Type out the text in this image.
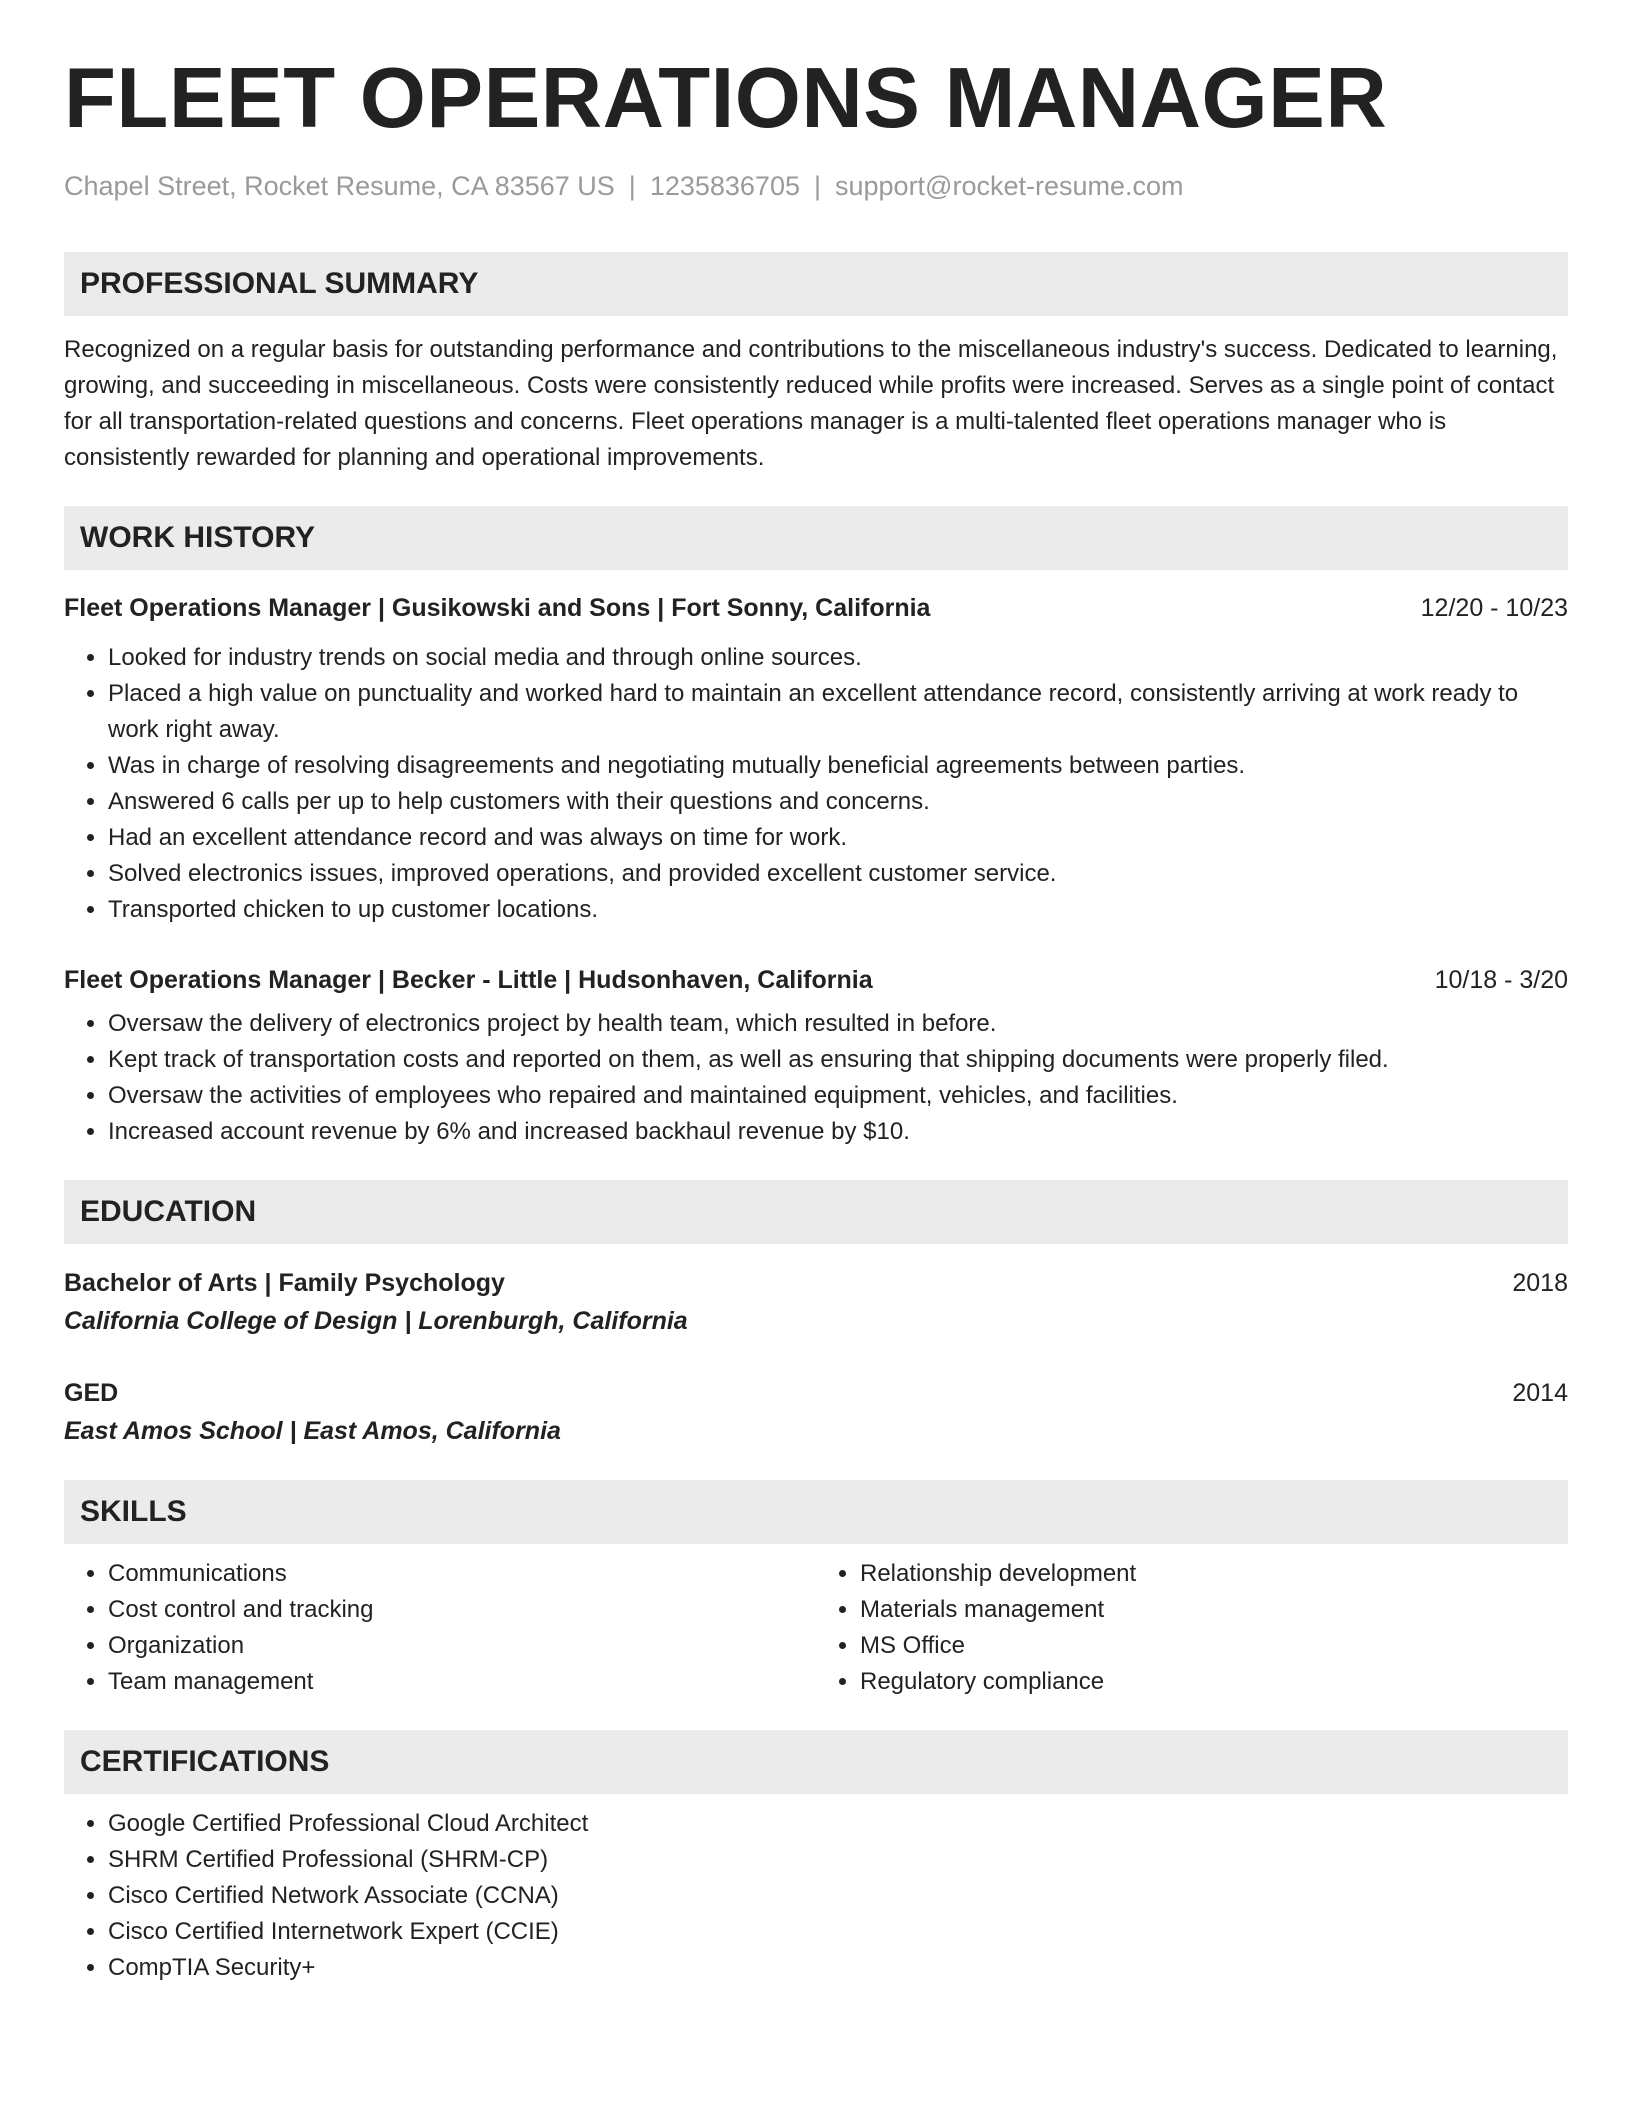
FLEET OPERATIONS MANAGER
Chapel Street, Rocket Resume, CA 83567 US | 1235836705 | support@rocket-resume.com
PROFESSIONAL SUMMARY

Recognized on a regular basis for outstanding performance and contributions to the miscellaneous industry's success. Dedicated to learning, growing, and succeeding in miscellaneous. Costs were consistently reduced while profits were increased. Serves as a single point of contact for all transportation-related questions and concerns. Fleet operations manager is a multi-talented fleet operations manager who is consistently rewarded for planning and operational improvements.

WORK HISTORY
Fleet Operations Manager | Gusikowski and Sons | Fort Sonny, California	12/20 - 10/23
• Looked for industry trends on social media and through online sources.
• Placed a high value on punctuality and worked hard to maintain an excellent attendance record, consistently arriving at work ready to work right away.
• Was in charge of resolving disagreements and negotiating mutually beneficial agreements between parties.
• Answered 6 calls per up to help customers with their questions and concerns.
• Had an excellent attendance record and was always on time for work.
• Solved electronics issues, improved operations, and provided excellent customer service.
• Transported chicken to up customer locations.
Fleet Operations Manager | Becker - Little | Hudsonhaven, California	10/18 - 3/20
• Oversaw the delivery of electronics project by health team, which resulted in before.
• Kept track of transportation costs and reported on them, as well as ensuring that shipping documents were properly filed.
• Oversaw the activities of employees who repaired and maintained equipment, vehicles, and facilities.
• Increased account revenue by 6% and increased backhaul revenue by $10.
EDUCATION
Bachelor of Arts | Family Psychology	2018
California College of Design | Lorenburgh, California
GED	2014
East Amos School | East Amos, California
SKILLS
• Communications
• Cost control and tracking
• Organization
• Team management
• Relationship development
• Materials management
• MS Office
• Regulatory compliance
CERTIFICATIONS
• Google Certified Professional Cloud Architect
• SHRM Certified Professional (SHRM-CP)
• Cisco Certified Network Associate (CCNA)
• Cisco Certified Internetwork Expert (CCIE)
• CompTIA Security+
